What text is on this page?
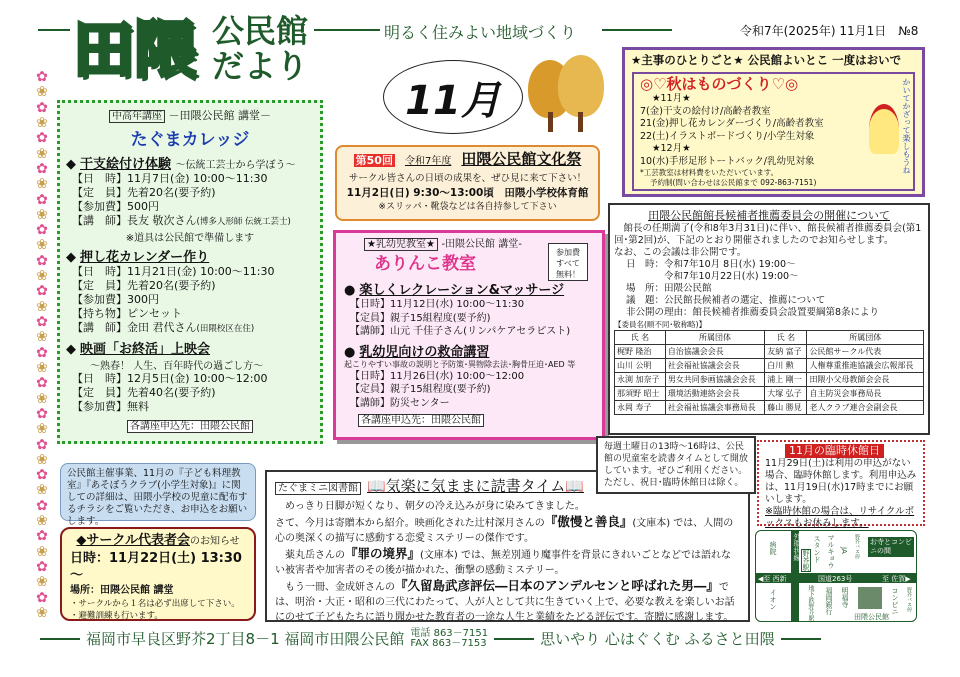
田隈 公民館
だより
明るく住みよい地域づくり	令和7年(2025年) 11月1日　 №8
✿
❀
✿
❀
✿
❀
✿
❀
✿
❀
✿
❀
✿
❀
✿
❀
✿
❀
✿
❀
✿
❀
✿
❀
✿
❀
✿
❀
✿
❀
✿
❀
✿
❀
✿
❀
11月
中高年講座 －田隈公民館 講堂－
たぐまカレッジ
◆ 干支絵付け体験 ～伝統工芸士から学ぼう～
【日　時】11月7日(金) 10:00～11:30
【定　員】先着20名(要予約)
【参加費】500円
【講　師】長友 敬次さん(博多人形師 伝統工芸士)
※道具は公民館で準備します
◆ 押し花カレンダー作り
【日　時】11月21日(金) 10:00～11:30
【定　員】先着20名(要予約)
【参加費】300円
【持ち物】ピンセット
【講　師】金田 君代さん(田隈校区在住)
◆ 映画「お終活」上映会
～熟春！ 人生、百年時代の過ごし方～
【日　時】12月5日(金) 10:00～12:00
【定　員】先着40名(要予約)
【参加費】無料
各講座申込先：田隈公民館
第50回　 令和7年度　 田隈公民館文化祭
サークル皆さんの日頃の成果を、ぜひ見に来て下さい！
11月2日(日) 9:30～13:00頃　田隈小学校体育館
※スリッパ・靴袋などは各自持参して下さい
★乳幼児教室★ -田隈公民館 講堂-
参加費
すべて
無料！
ありんこ教室
● 楽しくレクレーション&マッサージ
【日時】11月12日(水) 10:00～11:30
【定員】親子15組程度(要予約)
【講師】山元 千佳子さん(リンパケアセラピスト)
● 乳幼児向けの救命講習
起こりやすい事故の説明と予防策･異物除去法･胸骨圧迫･AED 等
【日時】11月26日(水) 10:00～12:00
【定員】親子15組程度(要予約)
【講師】防災センター
各講座申込先：田隈公民館
★主事のひとりごと★ 公民館よいとこ 一度はおいで
◎♡秋はものづくり♡◎
★11月★
7(金)干支の絵付け/高齢者教室
21(金)押し花カレンダーづくり/高齢者教室
22(土)イラストボードづくり/小学生対象
★12月★
10(水)手形足形トートバック/乳幼児対象
*工芸教室は材料費をいただいています。
予約制(問い合わせは公民館まで 092-863-7151)
かいてかざって楽しもうね
田隈公民館館長候補者推薦委員会の開催について
館長の任期満了(令和8年3月31日)に伴い、館長候補者推薦委員会(第1回･第2回)が、下記のとおり開催されましたのでお知らせします。
なお、この会議は非公開です。
日　時：令和7年10月 8日(水) 19:00～
　　　　令和7年10月22日(水) 19:00～
場　所：田隈公民館
議　題：公民館長候補者の選定、推薦について
非公開の理由：館長候補者推薦委員会設置要綱第8条により
【委員名(順不同･敬称略)】
氏 名	所属団体	氏 名	所属団体
梶野 隆治	自治協議会会長	友納 富子	公民館サークル代表
山川 公明	社会福祉協議会会長	白川 勲	人権尊重推進協議会広報部長
永渕 加奈子	男女共同参画協議会会長	浦上 剛一	田隈小父母教師会会長
那須野 昭士	環境活動連絡会会長	大塚 弘子	自主防災会事務局長
永岡 寿子	社会福祉協議会事務局長	藤山 勝見	老人クラブ連合会副会長
毎週土曜日の13時～16時は、公民館の児童室を読書タイムとして開放しています。ぜひご利用ください。ただし、祝日･臨時休館日は除く。
11月の臨時休館日
11月29日(土)は利用の申込がない場合、臨時休館します。利用申込みは、11月19日(水)17時までにお願いします。
※臨時休館の場合は、リサイクルボックスもお休みします。
公民館主催事業、11月の『子ども料理教室』『あそぼうクラブ(小学生対象)』に関しての詳細は、田隈小学校の児童に配布するチラシをご覧いただき、お申込をお願いします。
◆サークル代表者会のお知らせ
日時：11月22日(土) 13:30～
場所：田隈公民館 講堂
・サークルから１名は必ず出席して下さい。
・避難訓練も行います。
たぐまミニ図書館 📖気楽に気ままに読書タイム📖
めっきり日脚が短くなり、朝夕の冷え込みが身に染みてきました。
さて、今月は寄贈本から紹介。映画化された辻村深月さんの『傲慢と善良』(文庫本) では、人間の心の奥深くの描写に感動する恋愛ミステリーの傑作です。
薬丸岳さんの『罪の境界』(文庫本) では、無差別通り魔事件を背景にきれいごとなどでは語れない被害者や加害者のその後が描かれた、衝撃の感動ミステリー。
もう一冊、金成妍さんの『久留島武彦評伝―日本のアンデルセンと呼ばれた男―』では、明治・大正・昭和の三代にわたって、人が人として共に生きていく上で、必要な教えを楽しいお話にのせて子どもたちに語り聞かせた教育者の一途な人生と業績をたどる評伝です。寄贈に感謝します。
◀至 西新	国道263号	至 佐賀▶
外環状線
病院	スタンド マルキョウ JA 野芥バス停 お寺とコンビニの間
野芥駅
イオン	地下鉄野芥駅 福岡銀行 明福寺
田隈公民館
コンビニ 野芥バス停
福岡市早良区野芥2丁目8－1 福岡市田隈公民館 電話 863－7151
FAX 863－7153	思いやり 心はぐくむ ふるさと田隈
